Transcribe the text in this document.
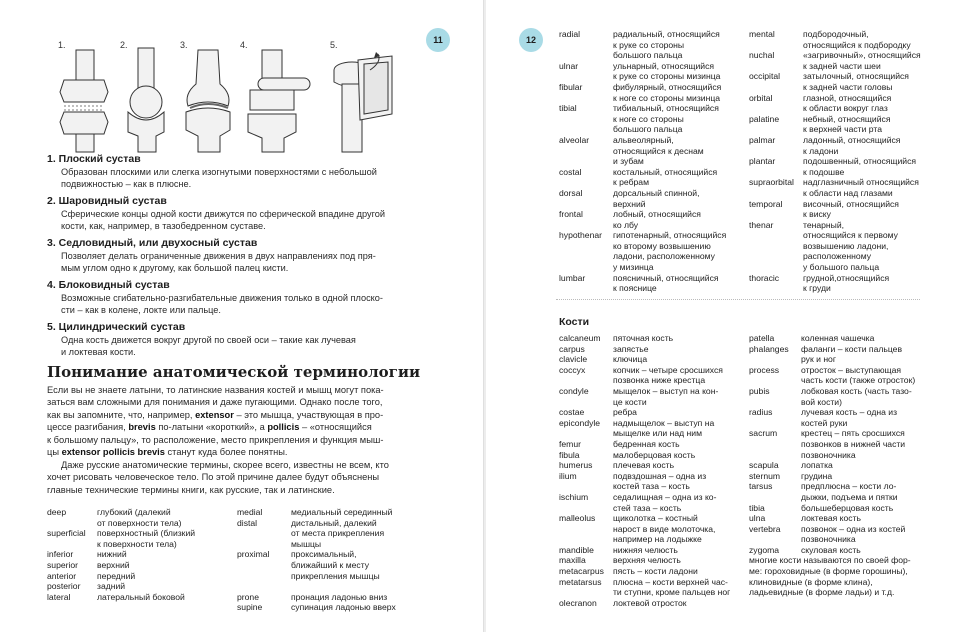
11
1.	2.	3.	4.	5.
1. Плоский сустав
Образован плоскими или слегка изогнутыми поверхностями с небольшой
подвижностью – как в плюсне.
2. Шаровидный сустав
Сферические концы одной кости движутся по сферической впадине другой
кости, как, например, в тазобедренном суставе.
3. Седловидный, или двухосный сустав
Позволяет делать ограниченные движения в двух направлениях под пря-
мым углом одно к другому, как большой палец кисти.
4. Блоковидный сустав
Возможные сгибательно-разгибательные движения только в одной плоско-
сти – как в колене, локте или пальце.
5. Цилиндрический сустав
Одна кость движется вокруг другой по своей оси – такие как лучевая
и локтевая кости.
Понимание анатомической терминологии
Если вы не знаете латыни, то латинские названия костей и мышц могут пока-
заться вам сложными для понимания и даже пугающими. Однако после того,
как вы запомните, что, например, extensor – это мышца, участвующая в про-
цессе разгибания, brevis по-латыни «короткий», а pollicis – «относящийся
к большому пальцу», то расположение, место прикрепления и функция мыш-
цы extensor pollicis brevis станут куда более понятны.
Даже русские анатомические термины, скорее всего, известны не всем, кто
хочет рисовать человеческое тело. По этой причине далее будут объяснены
главные технические термины книги, как русские, так и латинские.
deep	глубокий (далекий
от поверхности тела)
superficial поверхностный (близкий
к поверхности тела)
inferior	нижний
superior верхний
anterior передний
posterior задний
lateral	латеральный боковой
medial	медиальный серединный
distal	дистальный, далекий
от места прикрепления
мышцы
proximal	проксимальный,
ближайший к месту
прикрепления мышцы
prone	пронация ладонью вниз
supine	супинация ладонью вверх
12
radial	радиальный, относящийся
к руке со стороны
большого пальца
ulnar	ульнарный, относящийся
к руке со стороны мизинца
fibular	фибулярный, относящийся
к ноге со стороны мизинца
tibial	тибиальный, относящийся
к ноге со стороны
большого пальца
alveolar	альвеолярный,
относящийся к деснам
и зубам
costal	костальный, относящийся
к ребрам
dorsal	дорсальный спинной,
верхний
frontal	лобный, относящийся
ко лбу
hypothenar гипотенарный, относящийся
ко второму возвышению
ладони, расположенному
у мизинца
lumbar	поясничный, относящийся
к пояснице
mental	подбородочный,
относящийся к подбородку
nuchal	«загривочный», относящийся
к задней части шеи
occipital	затылочный, относящийся
к задней части головы
orbital	глазной, относящийся
к области вокруг глаз
palatine	небный, относящийся
к верхней части рта
palmar	ладонный, относящийся
к ладони
plantar	подошвенный, относящийся
к подошве
supraorbital надглазничный относящийся
к области над глазами
temporal височный, относящийся
к виску
thenar	тенарный,
относящийся к первому
возвышению ладони,
расположенному
у большого пальца
thoracic	грудной,относящийся
к груди
Кости
calcaneum пяточная кость
carpus	запястье
clavicle	ключица
coccyx	копчик – четыре сросшихся
позвонка ниже крестца
condyle	мыщелок – выступ на кон-
це кости
costae	ребра
epicondyle надмыщелок – выступ на
мыщелке или над ним
femur	бедренная кость
fibula	малоберцовая кость
humerus плечевая кость
ilium	подвздошная – одна из
костей таза – кость
ischium	седалищная – одна из ко-
стей таза – кость
malleolus щиколотка – костный
нарост в виде молоточка,
например на лодыжке
mandible нижняя челюсть
maxilla	верхняя челюсть
metacarpus пясть – кости ладони
metatarsus плюсна – кости верхней час-
ти ступни, кроме пальцев ног
olecranon локтевой отросток
patella	коленная чашечка
phalanges фаланги – кости пальцев
рук и ног
process	отросток – выступающая
часть кости (также отросток)
pubis	лобковая кость (часть тазо-
вой кости)
radius	лучевая кость – одна из
костей руки
sacrum	крестец – пять сросшихся
позвонков в нижней части
позвоночника
scapula	лопатка
sternum грудина
tarsus	предплюсна – кости ло-
дыжки, подъема и пятки
tibia	большеберцовая кость
ulna	локтевая кость
vertebra позвонок – одна из костей
позвоночника
zygoma	скуловая кость
многие кости называются по своей фор-
ме: гороховидные (в форме горошины),
клиновидные (в форме клина),
ладьевидные (в форме ладьи) и т.д.
